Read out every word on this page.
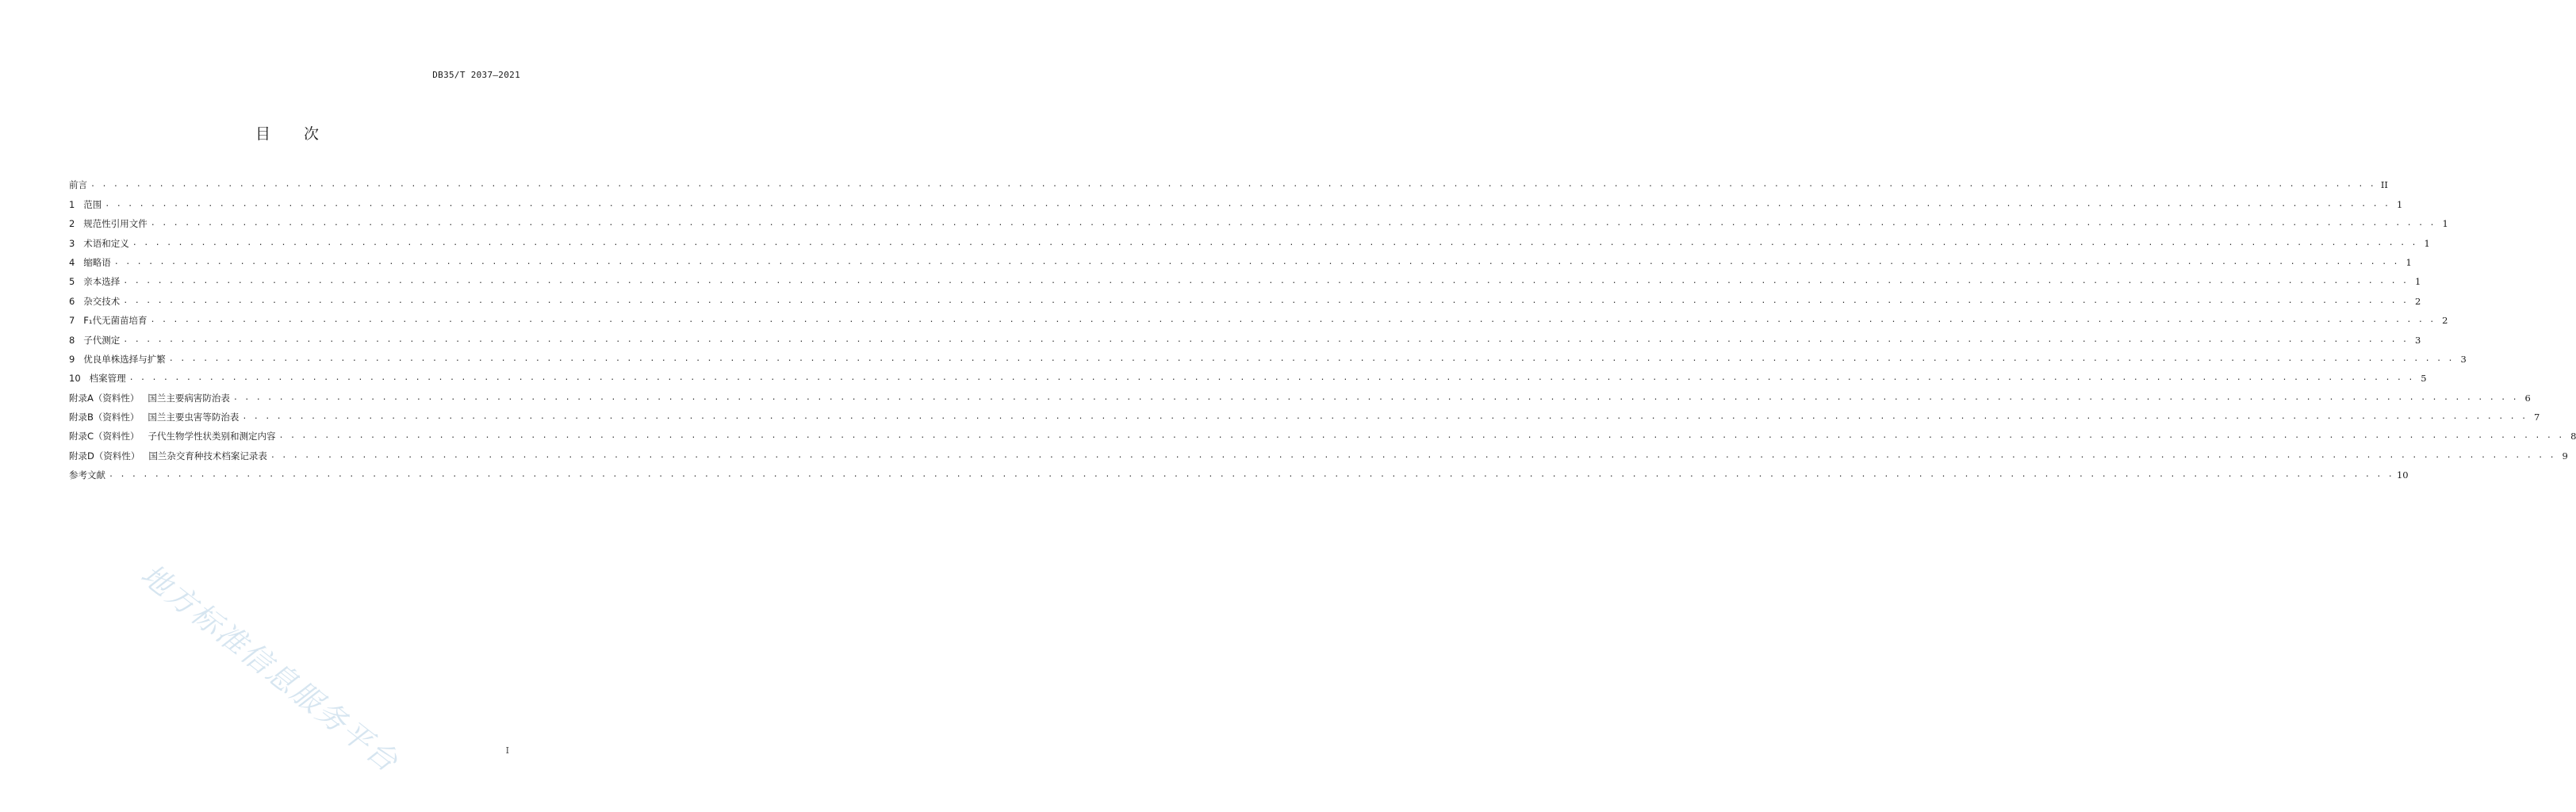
DB35/T 2037—2021
目 次
前言 . . . . . . . . . . . . . . . . . . . . . . . . . . . . . . . . . . . . . . . . . . . . . . . . . . . . . . . . . . . . . . . . . . . . . . . . . . . . . . . . . . . . . . . . . . . . . . . . . . . . . . . . . . . . . . . . . . . . . . . . . . . . . . . . . . . . . . . . . . . . . . . . . . . . . . . . . . . . . . . . . . . . . . . . . . . . . . . . . . . . . . . . . . . . . . . . . . . . . . . . II
1   范围 . . . . . . . . . . . . . . . . . . . . . . . . . . . . . . . . . . . . . . . . . . . . . . . . . . . . . . . . . . . . . . . . . . . . . . . . . . . . . . . . . . . . . . . . . . . . . . . . . . . . . . . . . . . . . . . . . . . . . . . . . . . . . . . . . . . . . . . . . . . . . . . . . . . . . . . . . . . . . . . . . . . . . . . . . . . . . . . . . . . . . . . . . . . . . . . . . . . . . . . . 1
2   规范性引用文件 . . . . . . . . . . . . . . . . . . . . . . . . . . . . . . . . . . . . . . . . . . . . . . . . . . . . . . . . . . . . . . . . . . . . . . . . . . . . . . . . . . . . . . . . . . . . . . . . . . . . . . . . . . . . . . . . . . . . . . . . . . . . . . . . . . . . . . . . . . . . . . . . . . . . . . . . . . . . . . . . . . . . . . . . . . . . . . . . . . . . . . . . . . . . . . . . . . . . . . . . 1
3   术语和定义 . . . . . . . . . . . . . . . . . . . . . . . . . . . . . . . . . . . . . . . . . . . . . . . . . . . . . . . . . . . . . . . . . . . . . . . . . . . . . . . . . . . . . . . . . . . . . . . . . . . . . . . . . . . . . . . . . . . . . . . . . . . . . . . . . . . . . . . . . . . . . . . . . . . . . . . . . . . . . . . . . . . . . . . . . . . . . . . . . . . . . . . . . . . . . . . . . . . . . . . . 1
4   缩略语 . . . . . . . . . . . . . . . . . . . . . . . . . . . . . . . . . . . . . . . . . . . . . . . . . . . . . . . . . . . . . . . . . . . . . . . . . . . . . . . . . . . . . . . . . . . . . . . . . . . . . . . . . . . . . . . . . . . . . . . . . . . . . . . . . . . . . . . . . . . . . . . . . . . . . . . . . . . . . . . . . . . . . . . . . . . . . . . . . . . . . . . . . . . . . . . . . . . . . . . . 1
5   亲本选择 . . . . . . . . . . . . . . . . . . . . . . . . . . . . . . . . . . . . . . . . . . . . . . . . . . . . . . . . . . . . . . . . . . . . . . . . . . . . . . . . . . . . . . . . . . . . . . . . . . . . . . . . . . . . . . . . . . . . . . . . . . . . . . . . . . . . . . . . . . . . . . . . . . . . . . . . . . . . . . . . . . . . . . . . . . . . . . . . . . . . . . . . . . . . . . . . . . . . . . . . 1
6   杂交技术 . . . . . . . . . . . . . . . . . . . . . . . . . . . . . . . . . . . . . . . . . . . . . . . . . . . . . . . . . . . . . . . . . . . . . . . . . . . . . . . . . . . . . . . . . . . . . . . . . . . . . . . . . . . . . . . . . . . . . . . . . . . . . . . . . . . . . . . . . . . . . . . . . . . . . . . . . . . . . . . . . . . . . . . . . . . . . . . . . . . . . . . . . . . . . . . . . . . . . . . . 2
7   F₁代无菌苗培育 . . . . . . . . . . . . . . . . . . . . . . . . . . . . . . . . . . . . . . . . . . . . . . . . . . . . . . . . . . . . . . . . . . . . . . . . . . . . . . . . . . . . . . . . . . . . . . . . . . . . . . . . . . . . . . . . . . . . . . . . . . . . . . . . . . . . . . . . . . . . . . . . . . . . . . . . . . . . . . . . . . . . . . . . . . . . . . . . . . . . . . . . . . . . . . . . . . . . . . . . 2
8   子代测定 . . . . . . . . . . . . . . . . . . . . . . . . . . . . . . . . . . . . . . . . . . . . . . . . . . . . . . . . . . . . . . . . . . . . . . . . . . . . . . . . . . . . . . . . . . . . . . . . . . . . . . . . . . . . . . . . . . . . . . . . . . . . . . . . . . . . . . . . . . . . . . . . . . . . . . . . . . . . . . . . . . . . . . . . . . . . . . . . . . . . . . . . . . . . . . . . . . . . . . . . 3
9   优良单株选择与扩繁 . . . . . . . . . . . . . . . . . . . . . . . . . . . . . . . . . . . . . . . . . . . . . . . . . . . . . . . . . . . . . . . . . . . . . . . . . . . . . . . . . . . . . . . . . . . . . . . . . . . . . . . . . . . . . . . . . . . . . . . . . . . . . . . . . . . . . . . . . . . . . . . . . . . . . . . . . . . . . . . . . . . . . . . . . . . . . . . . . . . . . . . . . . . . . . . . . . . . . . . . 3
10   档案管理 . . . . . . . . . . . . . . . . . . . . . . . . . . . . . . . . . . . . . . . . . . . . . . . . . . . . . . . . . . . . . . . . . . . . . . . . . . . . . . . . . . . . . . . . . . . . . . . . . . . . . . . . . . . . . . . . . . . . . . . . . . . . . . . . . . . . . . . . . . . . . . . . . . . . . . . . . . . . . . . . . . . . . . . . . . . . . . . . . . . . . . . . . . . . . . . . . . . . . . . . 5
附录A（资料性）   国兰主要病害防治表 . . . . . . . . . . . . . . . . . . . . . . . . . . . . . . . . . . . . . . . . . . . . . . . . . . . . . . . . . . . . . . . . . . . . . . . . . . . . . . . . . . . . . . . . . . . . . . . . . . . . . . . . . . . . . . . . . . . . . . . . . . . . . . . . . . . . . . . . . . . . . . . . . . . . . . . . . . . . . . . . . . . . . . . . . . . . . . . . . . . . . . . . . . . . . . . . . . . . . . . . 6
附录B（资料性）   国兰主要虫害等防治表 . . . . . . . . . . . . . . . . . . . . . . . . . . . . . . . . . . . . . . . . . . . . . . . . . . . . . . . . . . . . . . . . . . . . . . . . . . . . . . . . . . . . . . . . . . . . . . . . . . . . . . . . . . . . . . . . . . . . . . . . . . . . . . . . . . . . . . . . . . . . . . . . . . . . . . . . . . . . . . . . . . . . . . . . . . . . . . . . . . . . . . . . . . . . . . . . . . . . . . . . 7
附录C（资料性）   子代生物学性状类别和测定内容 . . . . . . . . . . . . . . . . . . . . . . . . . . . . . . . . . . . . . . . . . . . . . . . . . . . . . . . . . . . . . . . . . . . . . . . . . . . . . . . . . . . . . . . . . . . . . . . . . . . . . . . . . . . . . . . . . . . . . . . . . . . . . . . . . . . . . . . . . . . . . . . . . . . . . . . . . . . . . . . . . . . . . . . . . . . . . . . . . . . . . . . . . . . . . . . . . . . . . . . . 8
附录D（资料性）   国兰杂交育种技术档案记录表 . . . . . . . . . . . . . . . . . . . . . . . . . . . . . . . . . . . . . . . . . . . . . . . . . . . . . . . . . . . . . . . . . . . . . . . . . . . . . . . . . . . . . . . . . . . . . . . . . . . . . . . . . . . . . . . . . . . . . . . . . . . . . . . . . . . . . . . . . . . . . . . . . . . . . . . . . . . . . . . . . . . . . . . . . . . . . . . . . . . . . . . . . . . . . . . . . . . . . . . . 9
参考文献 . . . . . . . . . . . . . . . . . . . . . . . . . . . . . . . . . . . . . . . . . . . . . . . . . . . . . . . . . . . . . . . . . . . . . . . . . . . . . . . . . . . . . . . . . . . . . . . . . . . . . . . . . . . . . . . . . . . . . . . . . . . . . . . . . . . . . . . . . . . . . . . . . . . . . . . . . . . . . . . . . . . . . . . . . . . . . . . . . . . . . . . . . . . . . . . . . . . . . . . . 10
地方标准信息服务平台	I
